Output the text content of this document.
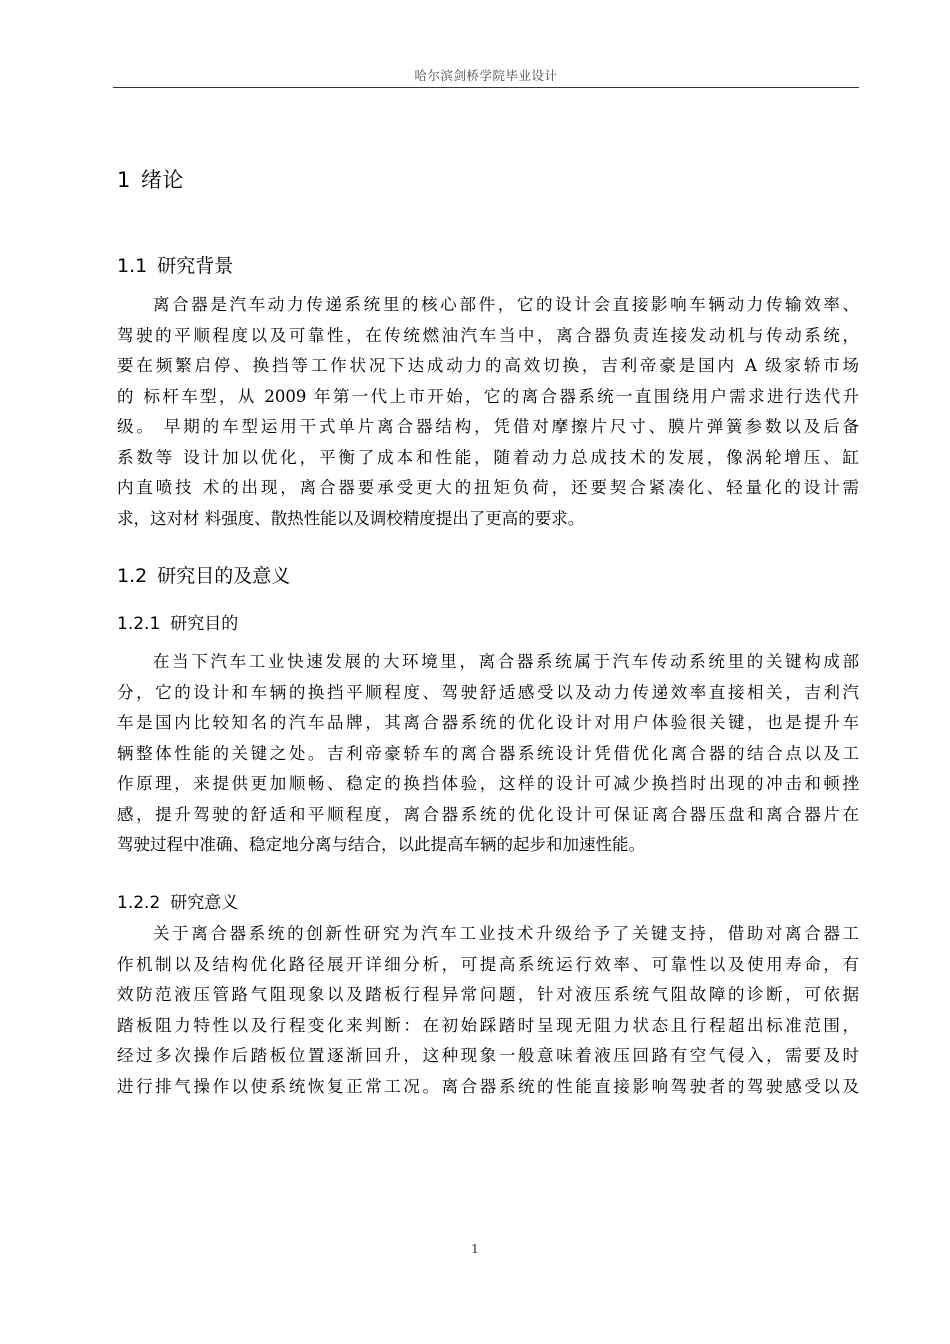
哈尔滨剑桥学院毕业设计
1 绪论
1.1 研究背景
离合器是汽车动力传递系统里的核心部件，它的设计会直接影响车辆动力传输效率、
驾驶的平顺程度以及可靠性，在传统燃油汽车当中，离合器负责连接发动机与传动系统，
要在频繁启停、换挡等工作状况下达成动力的高效切换，吉利帝豪是国内 A 级家轿市场
的 标杆车型，从 2009 年第一代上市开始，它的离合器系统一直围绕用户需求进行迭代升
级。 早期的车型运用干式单片离合器结构，凭借对摩擦片尺寸、膜片弹簧参数以及后备
系数等 设计加以优化，平衡了成本和性能，随着动力总成技术的发展，像涡轮增压、缸
内直喷技 术的出现，离合器要承受更大的扭矩负荷，还要契合紧凑化、轻量化的设计需
求，这对材 料强度、散热性能以及调校精度提出了更高的要求。
1.2 研究目的及意义
1.2.1 研究目的
在当下汽车工业快速发展的大环境里，离合器系统属于汽车传动系统里的关键构成部
分，它的设计和车辆的换挡平顺程度、驾驶舒适感受以及动力传递效率直接相关，吉利汽
车是国内比较知名的汽车品牌，其离合器系统的优化设计对用户体验很关键，也是提升车
辆整体性能的关键之处。吉利帝豪轿车的离合器系统设计凭借优化离合器的结合点以及工
作原理，来提供更加顺畅、稳定的换挡体验，这样的设计可减少换挡时出现的冲击和顿挫
感，提升驾驶的舒适和平顺程度，离合器系统的优化设计可保证离合器压盘和离合器片在
驾驶过程中准确、稳定地分离与结合，以此提高车辆的起步和加速性能。
1.2.2 研究意义
关于离合器系统的创新性研究为汽车工业技术升级给予了关键支持，借助对离合器工
作机制以及结构优化路径展开详细分析，可提高系统运行效率、可靠性以及使用寿命，有
效防范液压管路气阻现象以及踏板行程异常问题，针对液压系统气阻故障的诊断，可依据
踏板阻力特性以及行程变化来判断：在初始踩踏时呈现无阻力状态且行程超出标准范围，
经过多次操作后踏板位置逐渐回升，这种现象一般意味着液压回路有空气侵入，需要及时
进行排气操作以使系统恢复正常工况。离合器系统的性能直接影响驾驶者的驾驶感受以及
1
